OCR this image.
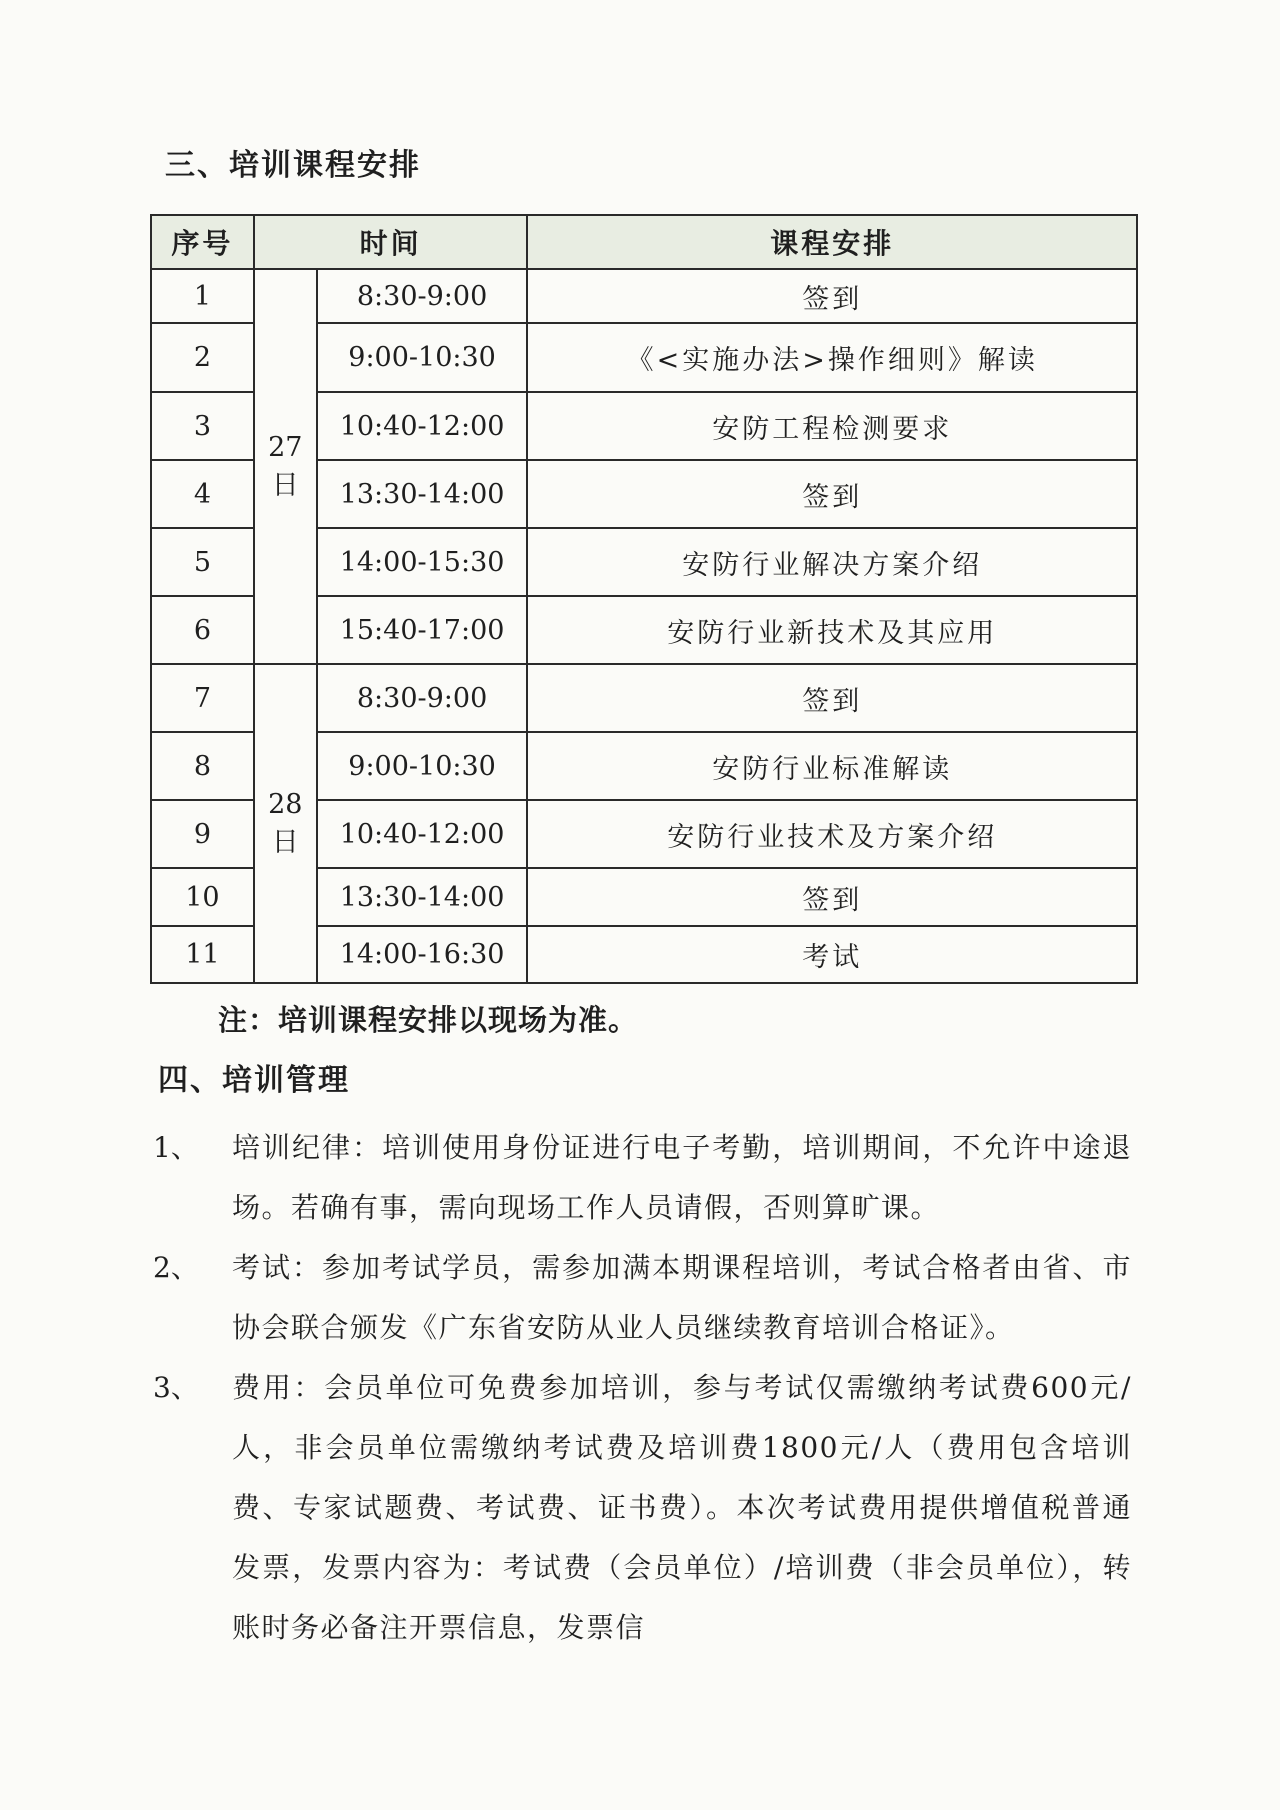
三、培训课程安排
序号	时间		课程安排
1	27日	8:30-9:00	签到
2		9:00-10:30	《<实施办法>操作细则》解读
3		10:40-12:00	安防工程检测要求
4		13:30-14:00	签到
5		14:00-15:30	安防行业解决方案介绍
6		15:40-17:00	安防行业新技术及其应用
7	28日	8:30-9:00	签到
8		9:00-10:30	安防行业标准解读
9		10:40-12:00	安防行业技术及方案介绍
10		13:30-14:00	签到
11		14:00-16:30	考试

注：培训课程安排以现场为准。

四、培训管理
1、 培训纪律：培训使用身份证进行电子考勤，培训期间，不允许中途退场。若确有事，需向现场工作人员请假，否则算旷课。
2、 考试：参加考试学员，需参加满本期课程培训，考试合格者由省、市协会联合颁发《广东省安防从业人员继续教育培训合格证》。
3、 费用：会员单位可免费参加培训，参与考试仅需缴纳考试费600元/人，非会员单位需缴纳考试费及培训费1800元/人（费用包含培训费、专家试题费、考试费、证书费）。本次考试费用提供增值税普通发票，发票内容为：考试费（会员单位）/培训费（非会员单位），转账时务必备注开票信息，发票信
